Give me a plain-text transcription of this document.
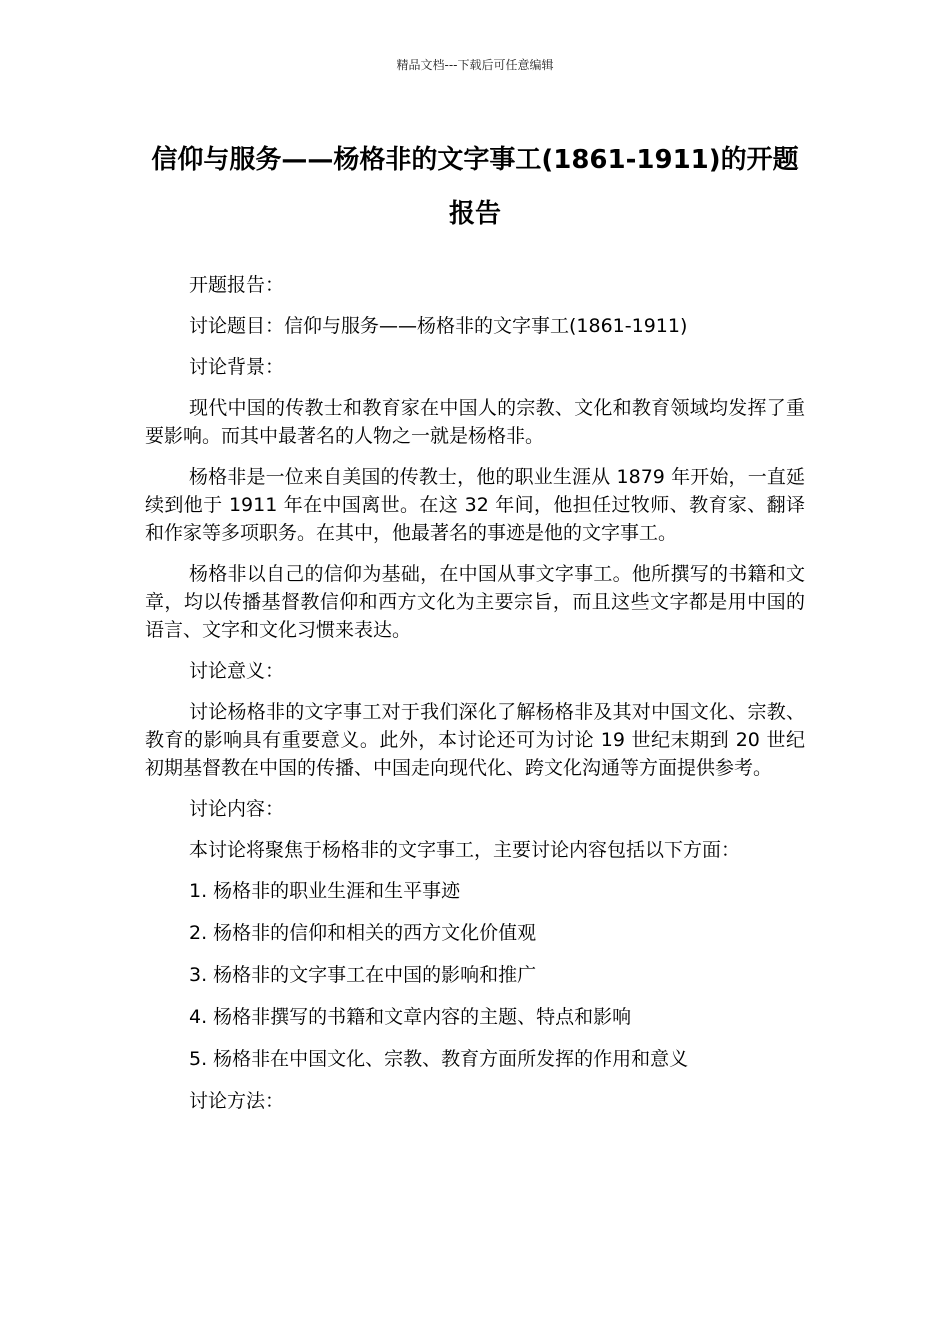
精品文档---下载后可任意编辑
信仰与服务——杨格非的文字事工(1861-1911)的开题报告

开题报告：

讨论题目：信仰与服务——杨格非的文字事工(1861-1911)

讨论背景：

现代中国的传教士和教育家在中国人的宗教、文化和教育领域均发挥了重要影响。而其中最著名的人物之一就是杨格非。

杨格非是一位来自美国的传教士，他的职业生涯从 1879 年开始，一直延续到他于 1911 年在中国离世。在这 32 年间，他担任过牧师、教育家、翻译和作家等多项职务。在其中，他最著名的事迹是他的文字事工。

杨格非以自己的信仰为基础，在中国从事文字事工。他所撰写的书籍和文章，均以传播基督教信仰和西方文化为主要宗旨，而且这些文字都是用中国的语言、文字和文化习惯来表达。

讨论意义：

讨论杨格非的文字事工对于我们深化了解杨格非及其对中国文化、宗教、教育的影响具有重要意义。此外，本讨论还可为讨论 19 世纪末期到 20 世纪初期基督教在中国的传播、中国走向现代化、跨文化沟通等方面提供参考。

讨论内容：

本讨论将聚焦于杨格非的文字事工，主要讨论内容包括以下方面：

1. 杨格非的职业生涯和生平事迹
2. 杨格非的信仰和相关的西方文化价值观
3. 杨格非的文字事工在中国的影响和推广
4. 杨格非撰写的书籍和文章内容的主题、特点和影响
5. 杨格非在中国文化、宗教、教育方面所发挥的作用和意义

讨论方法：
